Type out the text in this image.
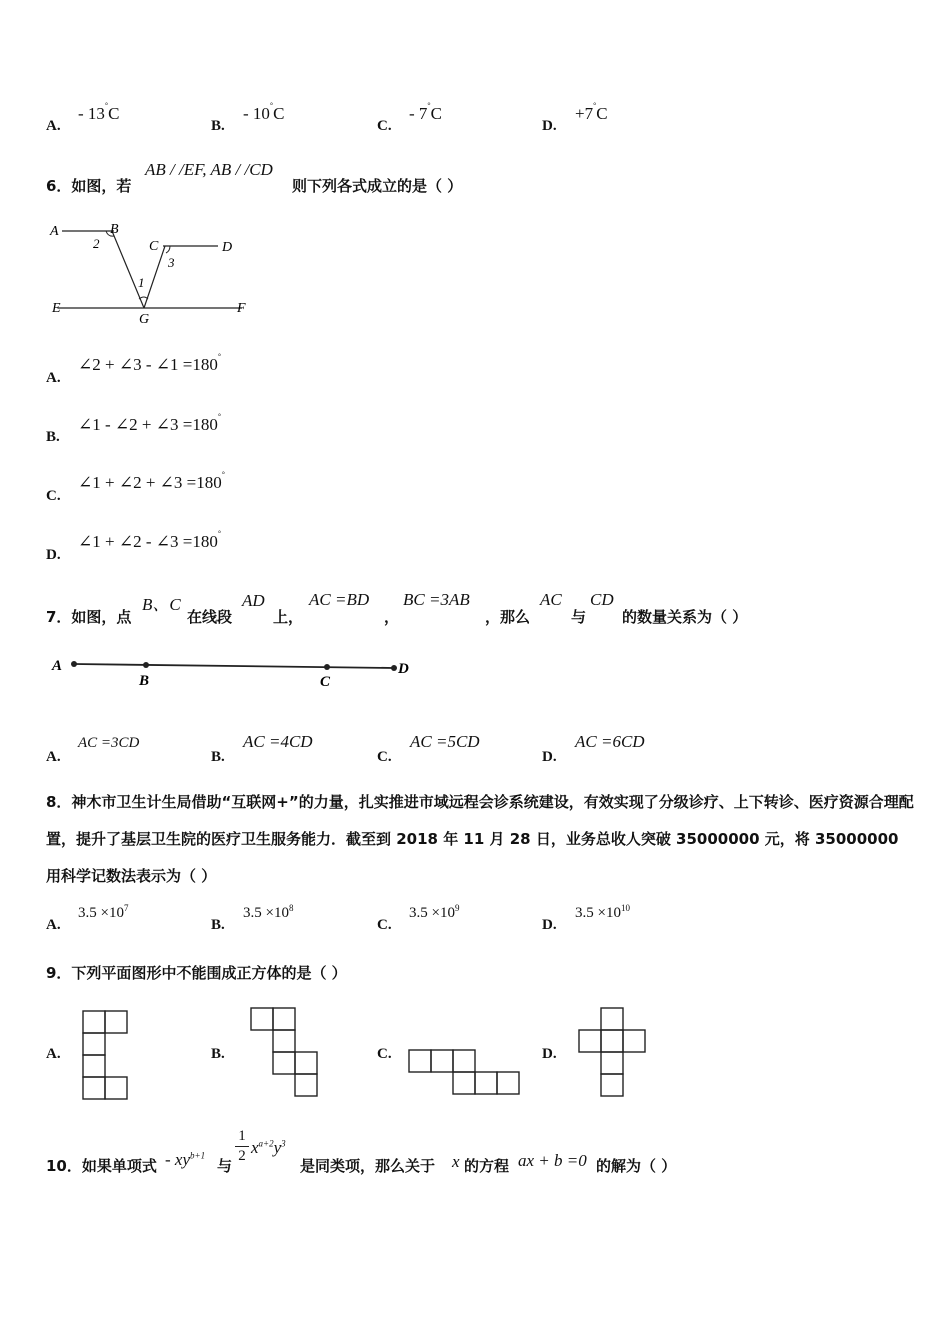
A.
- 13°C
B.
- 10°C
C.
- 7°C
D.
+7°C
6．如图，若
AB / /EF, AB / /CD
则下列各式成立的是（ ）
A	B
C	D
E	F
G
1
2
3
A.
∠2 + ∠3 - ∠1 =180°
B.
∠1 - ∠2 + ∠3 =180°
C.
∠1 + ∠2 + ∠3 =180°
D.
∠1 + ∠2 - ∠3 =180°
7．如图，点
B、C
在线段
AD
上，
AC =BD
，
BC =3AB
，那么
AC
与
CD
的数量关系为（ ）
A
B	C
D
A.
AC =3CD
B.
AC =4CD
C.
AC =5CD
D.
AC =6CD
8．神木市卫生计生局借助“互联网+”的力量，扎实推进市域远程会诊系统建设，有效实现了分级诊疗、上下转诊、医疗资源合理配置，提升了基层卫生院的医疗卫生服务能力．截至到 2018 年 11 月 28 日，业务总收人突破 35000000 元，将 35000000 用科学记数法表示为（ ）
A.
$3.5 \times 10^7$
B.
$3.5 \times 10^8$
C.
$3.5 \times 10^9$
D.
$3.5 \times 10^{10}$
9．下列平面图形中不能围成正方体的是（ ）
A.	B.	C.	D.
10．如果单项式 - $xy^{b+1}$
与
1
2 $x^{a+2}y^3$
是同类项，那么关于 x 的方程 ax + b =0 的解为（ ）
